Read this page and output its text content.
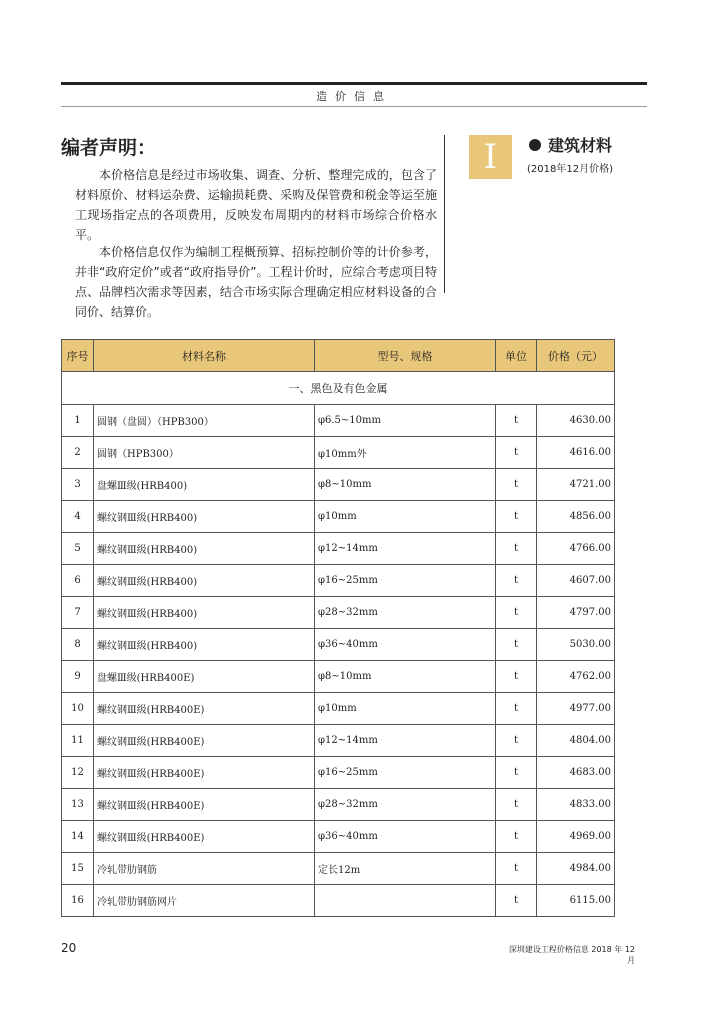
造价信息
编者声明：
本价格信息是经过市场收集、调查、分析、整理完成的，包含了材料原价、材料运杂费、运输损耗费、采购及保管费和税金等运至施工现场指定点的各项费用，反映发布周期内的材料市场综合价格水平。
本价格信息仅作为编制工程概预算、招标控制价等的计价参考，并非“政府定价”或者“政府指导价”。工程计价时，应综合考虑项目特点、品牌档次需求等因素，结合市场实际合理确定相应材料设备的合同价、结算价。
I	建筑材料
(2018年12月价格)
序号	材料名称	型号、规格	单位	价格（元）
一、黑色及有色金属				
1	圆钢（盘圆）（HPB300）	φ6.5~10mm	t	4630.00
2	圆钢（HPB300）	φ10mm外	t	4616.00
3	盘螺Ⅲ级(HRB400)	φ8~10mm	t	4721.00
4	螺纹钢Ⅲ级(HRB400)	φ10mm	t	4856.00
5	螺纹钢Ⅲ级(HRB400)	φ12~14mm	t	4766.00
6	螺纹钢Ⅲ级(HRB400)	φ16~25mm	t	4607.00
7	螺纹钢Ⅲ级(HRB400)	φ28~32mm	t	4797.00
8	螺纹钢Ⅲ级(HRB400)	φ36~40mm	t	5030.00
9	盘螺Ⅲ级(HRB400E)	φ8~10mm	t	4762.00
10	螺纹钢Ⅲ级(HRB400E)	φ10mm	t	4977.00
11	螺纹钢Ⅲ级(HRB400E)	φ12~14mm	t	4804.00
12	螺纹钢Ⅲ级(HRB400E)	φ16~25mm	t	4683.00
13	螺纹钢Ⅲ级(HRB400E)	φ28~32mm	t	4833.00
14	螺纹钢Ⅲ级(HRB400E)	φ36~40mm	t	4969.00
15	冷轧带肋钢筋	定长12m	t	4984.00
16	冷轧带肋钢筋网片		t	6115.00
20	深圳建设工程价格信息 2018 年 12 月
